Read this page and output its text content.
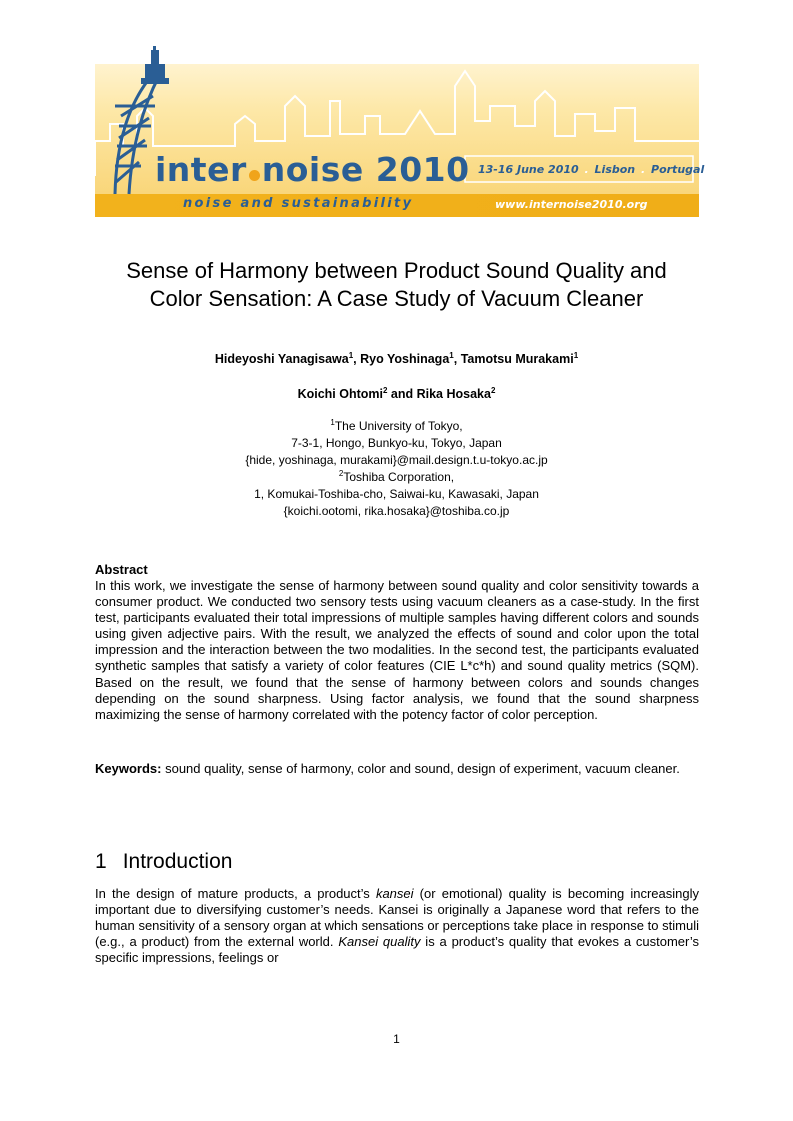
inter noise 2010 13-16 June 2010 . Lisbon . Portugal
noise and sustainability	www.internoise2010.org
Sense of Harmony between Product Sound Quality and
Color Sensation: A Case Study of Vacuum Cleaner
Hideyoshi Yanagisawa$^1$, Ryo Yoshinaga$^1$, Tamotsu Murakami$^1$
Koichi Ohtomi$^2$ and Rika Hosaka$^2$
$^1$The University of Tokyo,
7-3-1, Hongo, Bunkyo-ku, Tokyo, Japan
{hide, yoshinaga, murakami}@mail.design.t.u-tokyo.ac.jp
$^2$Toshiba Corporation,
1, Komukai-Toshiba-cho, Saiwai-ku, Kawasaki, Japan
{koichi.ootomi, rika.hosaka}@toshiba.co.jp
Abstract
In this work, we investigate the sense of harmony between sound quality and color sensitivity towards a consumer product. We conducted two sensory tests using vacuum cleaners as a case-study. In the first test, participants evaluated their total impressions of multiple samples having different colors and sounds using given adjective pairs. With the result, we analyzed the effects of sound and color upon the total impression and the interaction between the two modalities. In the second test, the participants evaluated synthetic samples that satisfy a variety of color features (CIE L*c*h) and sound quality metrics (SQM). Based on the result, we found that the sense of harmony between colors and sounds changes depending on the sound sharpness. Using factor analysis, we found that the sound sharpness maximizing the sense of harmony correlated with the potency factor of color perception.
Keywords: sound quality, sense of harmony, color and sound, design of experiment, vacuum cleaner.
1 Introduction
In the design of mature products, a product’s kansei (or emotional) quality is becoming increasingly important due to diversifying customer’s needs. Kansei is originally a Japanese word that refers to the human sensitivity of a sensory organ at which sensations or perceptions take place in response to stimuli (e.g., a product) from the external world. Kansei quality is a product’s quality that evokes a customer’s specific impressions, feelings or
1
